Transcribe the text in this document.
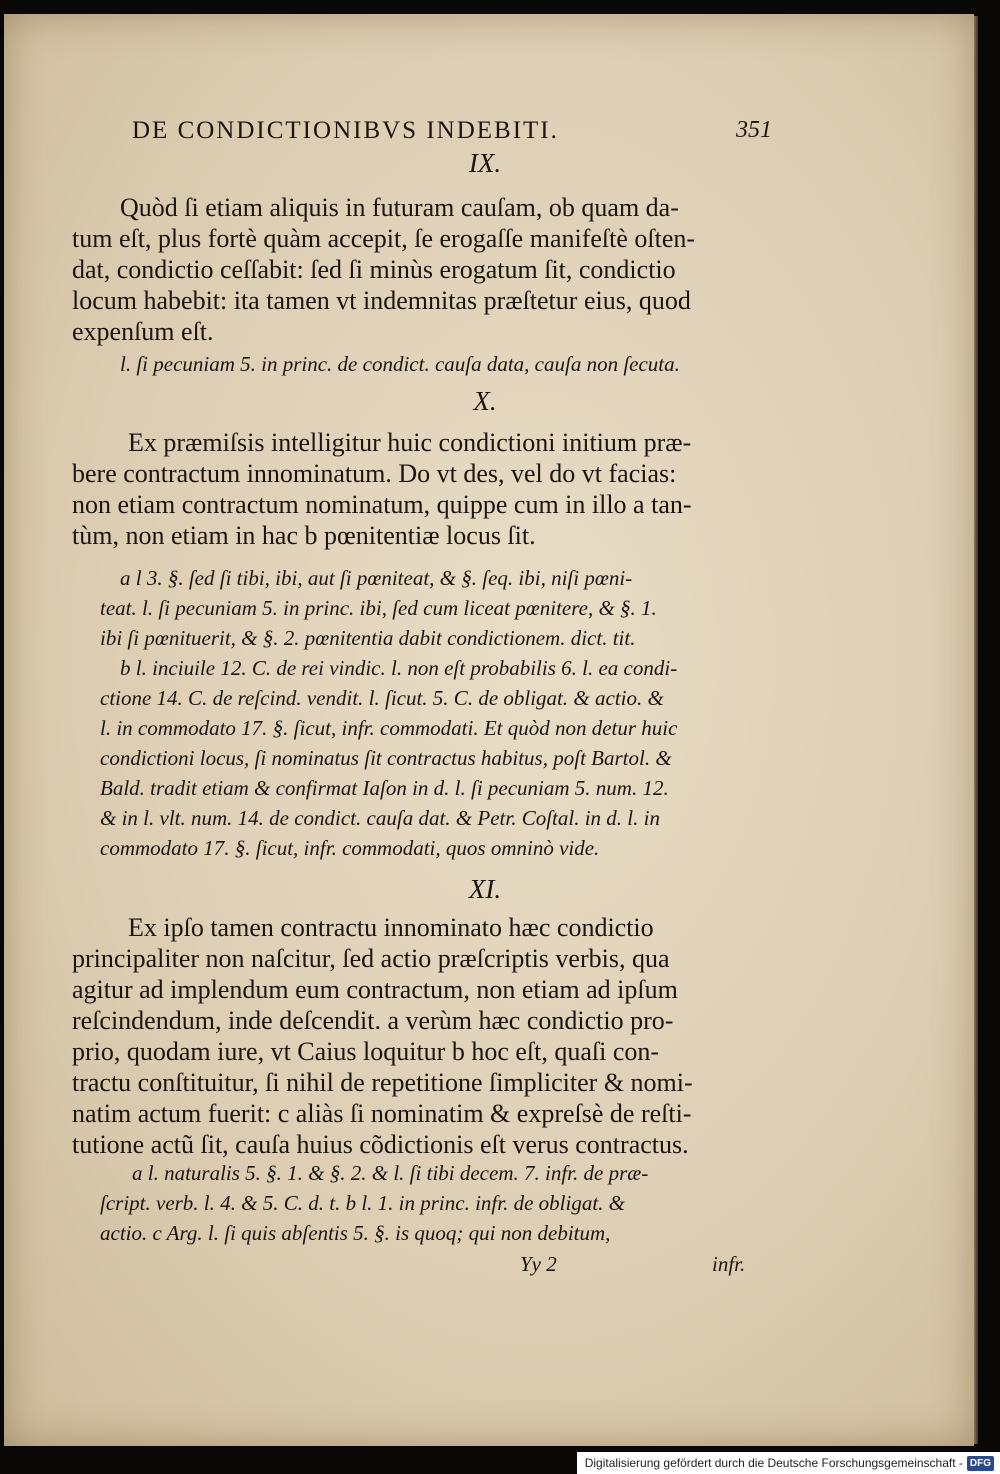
DE CONDICTIONIBVS INDEBITI.	351
IX.
Quòd ſi etiam aliquis in futuram cauſam, ob quam da-
tum eſt, plus fortè quàm accepit, ſe erogaſſe manifeſtè oſten-
dat, condictio ceſſabit: ſed ſi minùs erogatum ſit, condictio
locum habebit: ita tamen vt indemnitas præſtetur eius, quod
expenſum eſt.
l. ſi pecuniam 5. in princ. de condict. cauſa data, cauſa non ſecuta.
X.
Ex præmiſsis intelligitur huic condictioni initium præ-
bere contractum innominatum. Do vt des, vel do vt facias:
non etiam contractum nominatum, quippe cum in illo a tan-
tùm, non etiam in hac b pœnitentiæ locus ſit.
a l 3. §. ſed ſi tibi, ibi, aut ſi pœniteat, & §. ſeq. ibi, niſi pœni-
teat. l. ſi pecuniam 5. in princ. ibi, ſed cum liceat pœnitere, & §. 1.
ibi ſi pœnituerit, & §. 2. pœnitentia dabit condictionem. dict. tit.
b l. inciuile 12. C. de rei vindic. l. non eſt probabilis 6. l. ea condi-
ctione 14. C. de reſcind. vendit. l. ſicut. 5. C. de obligat. & actio. &
l. in commodato 17. §. ſicut, infr. commodati. Et quòd non detur huic
condictioni locus, ſi nominatus ſit contractus habitus, poſt Bartol. &
Bald. tradit etiam & confirmat Iaſon in d. l. ſi pecuniam 5. num. 12.
& in l. vlt. num. 14. de condict. cauſa dat. & Petr. Coſtal. in d. l. in
commodato 17. §. ſicut, infr. commodati, quos omninò vide.
XI.
Ex ipſo tamen contractu innominato hæc condictio
principaliter non naſcitur, ſed actio præſcriptis verbis, qua
agitur ad implendum eum contractum, non etiam ad ipſum
reſcindendum, inde deſcendit. a verùm hæc condictio pro-
prio, quodam iure, vt Caius loquitur b hoc eſt, quaſi con-
tractu conſtituitur, ſi nihil de repetitione ſimpliciter & nomi-
natim actum fuerit: c aliàs ſi nominatim & expreſsè de reſti-
tutione actũ ſit, cauſa huius cõdictionis eſt verus contractus.
a l. naturalis 5. §. 1. & §. 2. & l. ſi tibi decem. 7. infr. de præ-
ſcript. verb. l. 4. & 5. C. d. t. b l. 1. in princ. infr. de obligat. &
actio. c Arg. l. ſi quis abſentis 5. §. is quoq; qui non debitum,
Yy 2	infr.
Digitalisierung gefördert durch die Deutsche Forschungsgemeinschaft - DFG
